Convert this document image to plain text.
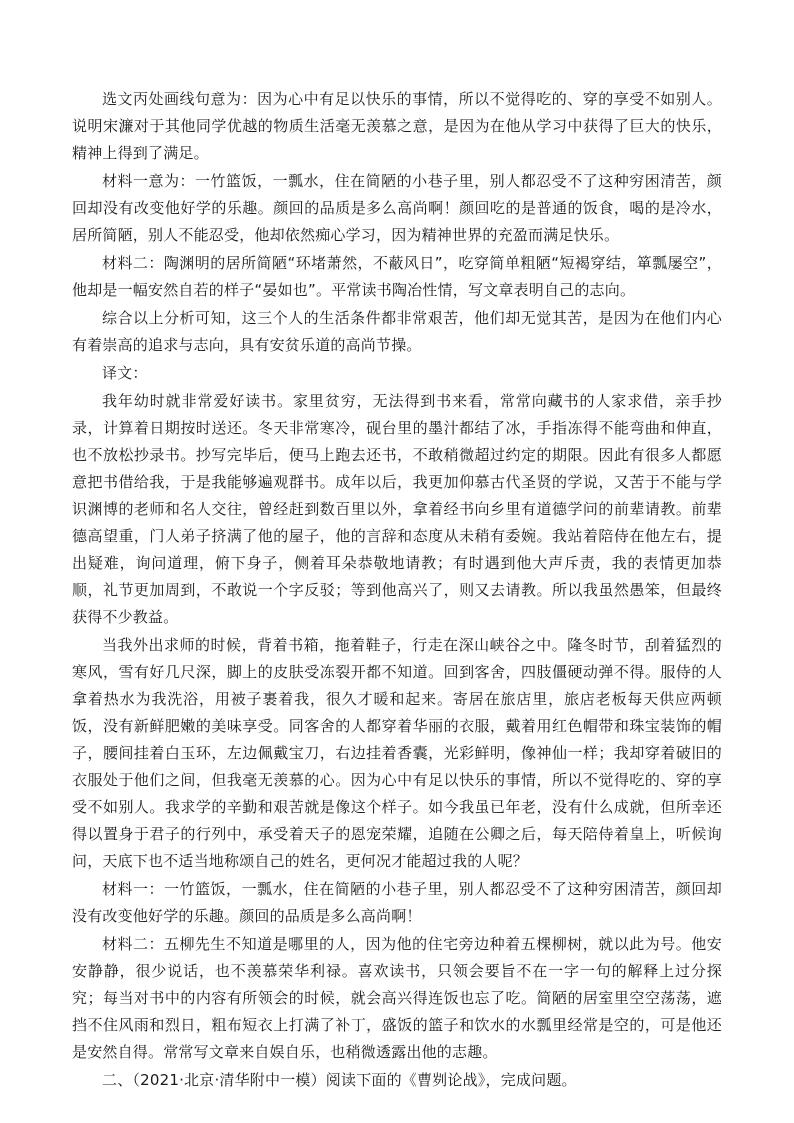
选文丙处画线句意为：因为心中有足以快乐的事情，所以不觉得吃的、穿的享受不如别人。说明宋濂对于其他同学优越的物质生活毫无羡慕之意，是因为在他从学习中获得了巨大的快乐，精神上得到了满足。

材料一意为：一竹篮饭，一瓢水，住在简陋的小巷子里，别人都忍受不了这种穷困清苦，颜回却没有改变他好学的乐趣。颜回的品质是多么高尚啊！颜回吃的是普通的饭食，喝的是冷水，居所简陋，别人不能忍受，他却依然痴心学习，因为精神世界的充盈而满足快乐。

材料二：陶渊明的居所简陋“环堵萧然，不蔽风日”，吃穿简单粗陋“短褐穿结，箪瓢屡空”，他却是一幅安然自若的样子“晏如也”。平常读书陶冶性情，写文章表明自己的志向。

综合以上分析可知，这三个人的生活条件都非常艰苦，他们却无觉其苦，是因为在他们内心有着崇高的追求与志向，具有安贫乐道的高尚节操。

译文：

我年幼时就非常爱好读书。家里贫穷，无法得到书来看，常常向藏书的人家求借，亲手抄录，计算着日期按时送还。冬天非常寒冷，砚台里的墨汁都结了冰，手指冻得不能弯曲和伸直，也不放松抄录书。抄写完毕后，便马上跑去还书，不敢稍微超过约定的期限。因此有很多人都愿意把书借给我，于是我能够遍观群书。成年以后，我更加仰慕古代圣贤的学说，又苦于不能与学识渊博的老师和名人交往，曾经赶到数百里以外，拿着经书向乡里有道德学问的前辈请教。前辈德高望重，门人弟子挤满了他的屋子，他的言辞和态度从未稍有委婉。我站着陪侍在他左右，提出疑难，询问道理，俯下身子，侧着耳朵恭敬地请教；有时遇到他大声斥责，我的表情更加恭顺，礼节更加周到，不敢说一个字反驳；等到他高兴了，则又去请教。所以我虽然愚笨，但最终获得不少教益。

当我外出求师的时候，背着书箱，拖着鞋子，行走在深山峡谷之中。隆冬时节，刮着猛烈的寒风，雪有好几尺深，脚上的皮肤受冻裂开都不知道。回到客舍，四肢僵硬动弹不得。服侍的人拿着热水为我洗浴，用被子裹着我，很久才暖和起来。寄居在旅店里，旅店老板每天供应两顿饭，没有新鲜肥嫩的美味享受。同客舍的人都穿着华丽的衣服，戴着用红色帽带和珠宝装饰的帽子，腰间挂着白玉环，左边佩戴宝刀，右边挂着香囊，光彩鲜明，像神仙一样；我却穿着破旧的衣服处于他们之间，但我毫无羡慕的心。因为心中有足以快乐的事情，所以不觉得吃的、穿的享受不如别人。我求学的辛勤和艰苦就是像这个样子。如今我虽已年老，没有什么成就，但所幸还得以置身于君子的行列中，承受着天子的恩宠荣耀，追随在公卿之后，每天陪侍着皇上，听候询问，天底下也不适当地称颂自己的姓名，更何况才能超过我的人呢？

材料一：一竹篮饭，一瓢水，住在简陋的小巷子里，别人都忍受不了这种穷困清苦，颜回却没有改变他好学的乐趣。颜回的品质是多么高尚啊！

材料二：五柳先生不知道是哪里的人，因为他的住宅旁边种着五棵柳树，就以此为号。他安安静静，很少说话，也不羡慕荣华利禄。喜欢读书，只领会要旨不在一字一句的解释上过分探究；每当对书中的内容有所领会的时候，就会高兴得连饭也忘了吃。简陋的居室里空空荡荡，遮挡不住风雨和烈日，粗布短衣上打满了补丁，盛饭的篮子和饮水的水瓢里经常是空的，可是他还是安然自得。常常写文章来自娱自乐，也稍微透露出他的志趣。

二、（2021·北京·清华附中一模）阅读下面的《曹刿论战》，完成问题。
